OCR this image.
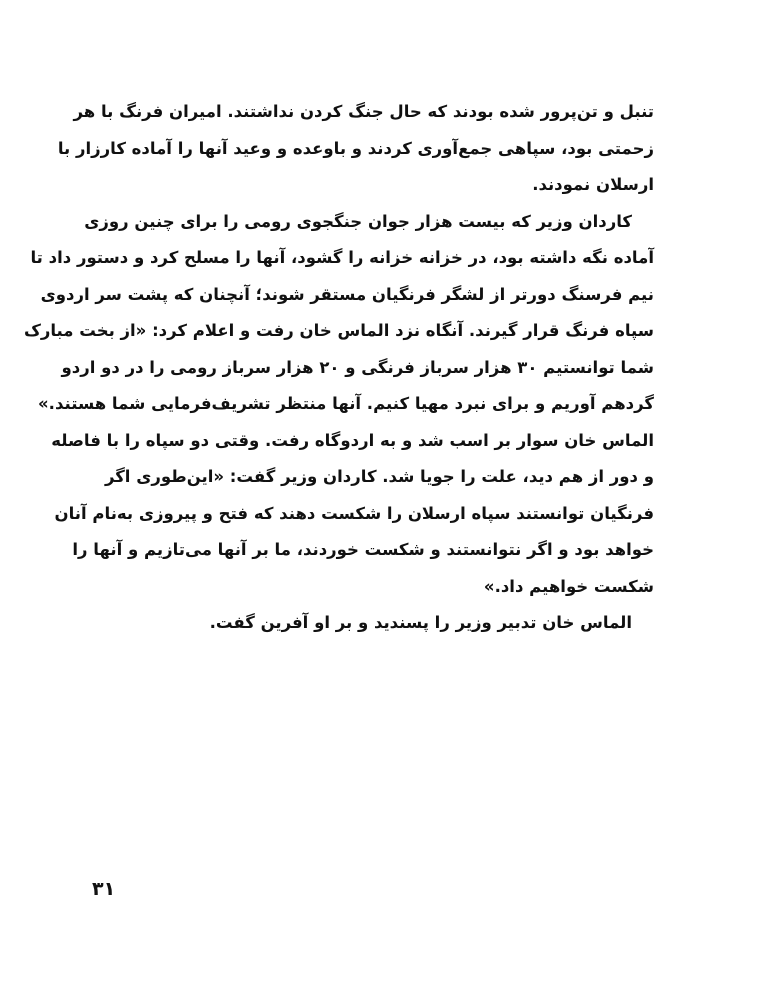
تنبل و تن‌پرور شده بودند که حال جنگ کردن نداشتند. امیران فرنگ با هر
زحمتی بود، سپاهی جمع‌آوری کردند و باوعده و وعید آنها را آماده کارزار با
ارسلان نمودند.
کاردان وزیر که بیست هزار جوان جنگجوی رومی را برای چنین روزی
آماده نگه داشته بود، در خزانه خزانه را گشود، آنها را مسلح کرد و دستور داد تا
نیم فرسنگ دورتر از لشگر فرنگیان مستقر شوند؛ آنچنان که پشت سر اردوی
سپاه فرنگ قرار گیرند. آنگاه نزد الماس خان رفت و اعلام کرد: «از بخت مبارک
شما توانستیم ۳۰ هزار سرباز فرنگی و ۲۰ هزار سرباز رومی را در دو اردو
گردهم آوریم و برای نبرد مهیا کنیم. آنها منتظر تشریف‌فرمایی شما هستند.»
الماس خان سوار بر اسب شد و به اردوگاه رفت. وقتی دو سپاه را با فاصله
و دور از هم دید، علت را جویا شد. کاردان وزیر گفت: «این‌طوری اگر
فرنگیان توانستند سپاه ارسلان را شکست دهند که فتح و پیروزی به‌نام آنان
خواهد بود و اگر نتوانستند و شکست خوردند، ما بر آنها می‌تازیم و آنها را
شکست خواهیم داد.»
الماس خان تدبیر وزیر را پسندید و بر او آفرین گفت.
۳۱
